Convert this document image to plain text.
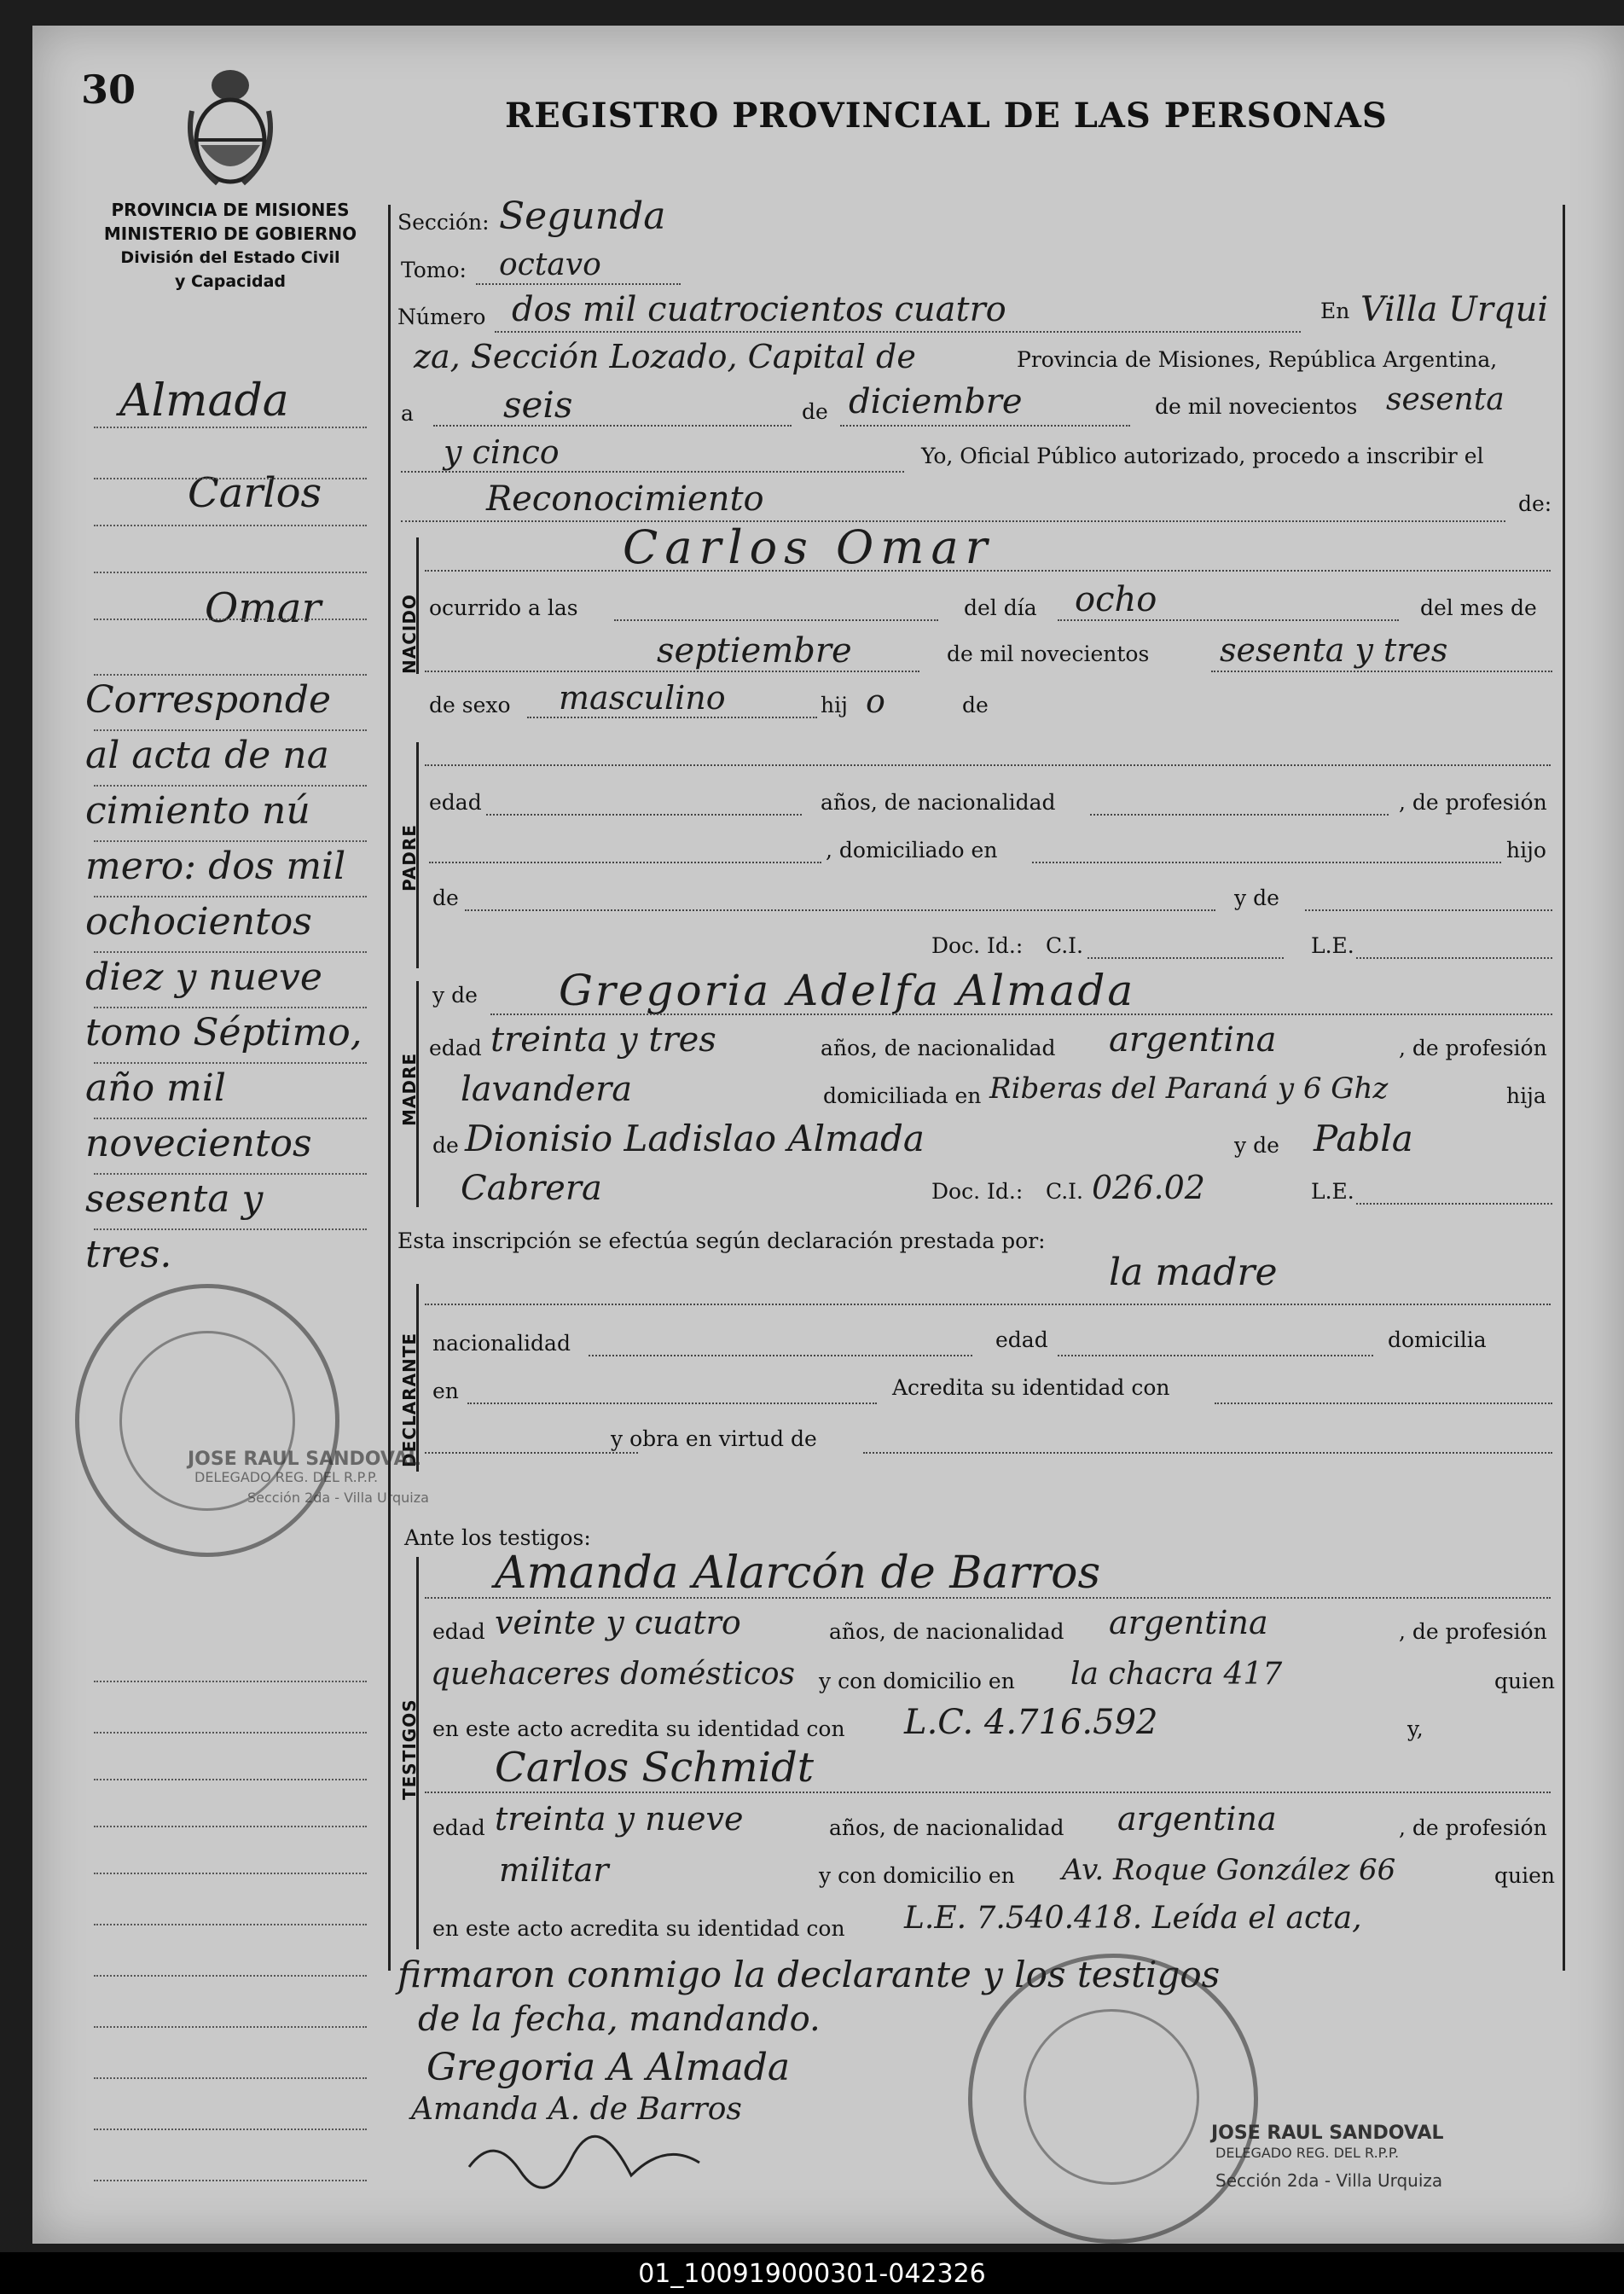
30
REGISTRO PROVINCIAL DE LAS PERSONAS
PROVINCIA DE MISIONES
MINISTERIO DE GOBIERNO
División del Estado Civil
y Capacidad
Almada
Carlos
Omar
Corresponde
al acta de na
cimiento nú
mero: dos mil
ochocientos
diez y nueve
tomo Séptimo,
año mil
novecientos
sesenta y
tres.
Sección: Segunda
Tomo: octavo
Número dos mil cuatrocientos cuatro	En Villa Urqui
za, Sección Lozado, Capital de	Provincia de Misiones, República Argentina,
a	seis	de diciembre	de mil novecientos sesenta
y cinco	Yo, Oficial Público autorizado, procedo a inscribir el
Reconocimiento	de:
NACIDO
Carlos Omar
ocurrido a las	del día ocho	del mes de
septiembre	de mil novecientos sesenta y tres
de sexo masculino	hij o	de
PADRE
edad	años, de nacionalidad	, de profesión
, domiciliado en	hijo
de	y de
Doc. Id.: C.I.	L.E.
MADRE
y de Gregoria Adelfa Almada
edad treinta y tres	años, de nacionalidad argentina	, de profesión
lavandera	domiciliada en Riberas del Paraná y 6 Ghz	hija
de Dionisio Ladislao Almada	y de Pabla
Cabrera	Doc. Id.: C.I. 026.02	L.E.
Esta inscripción se efectúa según declaración prestada por:
la madre
DECLARANTE nacionalidad	edad	domicilia
en	Acredita su identidad con
y obra en virtud de
Ante los testigos:
TESTIGOS
Amanda Alarcón de Barros
edad veinte y cuatro	años, de nacionalidad argentina	, de profesión
quehaceres domésticos y con domicilio en la chacra 417	quien
en este acto acredita su identidad con L.C. 4.716.592	y,
Carlos Schmidt
edad treinta y nueve	años, de nacionalidad argentina	, de profesión
militar	y con domicilio en Av. Roque González 66	quien
en este acto acredita su identidad con L.E. 7.540.418. Leída el acta,
firmaron conmigo la declarante y los testigos
de la fecha, mandando.
Gregoria A Almada
Amanda A. de Barros
JOSE RAUL SANDOVAL
DELEGADO REG. DEL R.P.P.
Sección 2da - Villa Urquiza
JOSE RAUL SANDOVAL
DELEGADO REG. DEL R.P.P.
Sección 2da - Villa Urquiza
01_100919000301-042326
